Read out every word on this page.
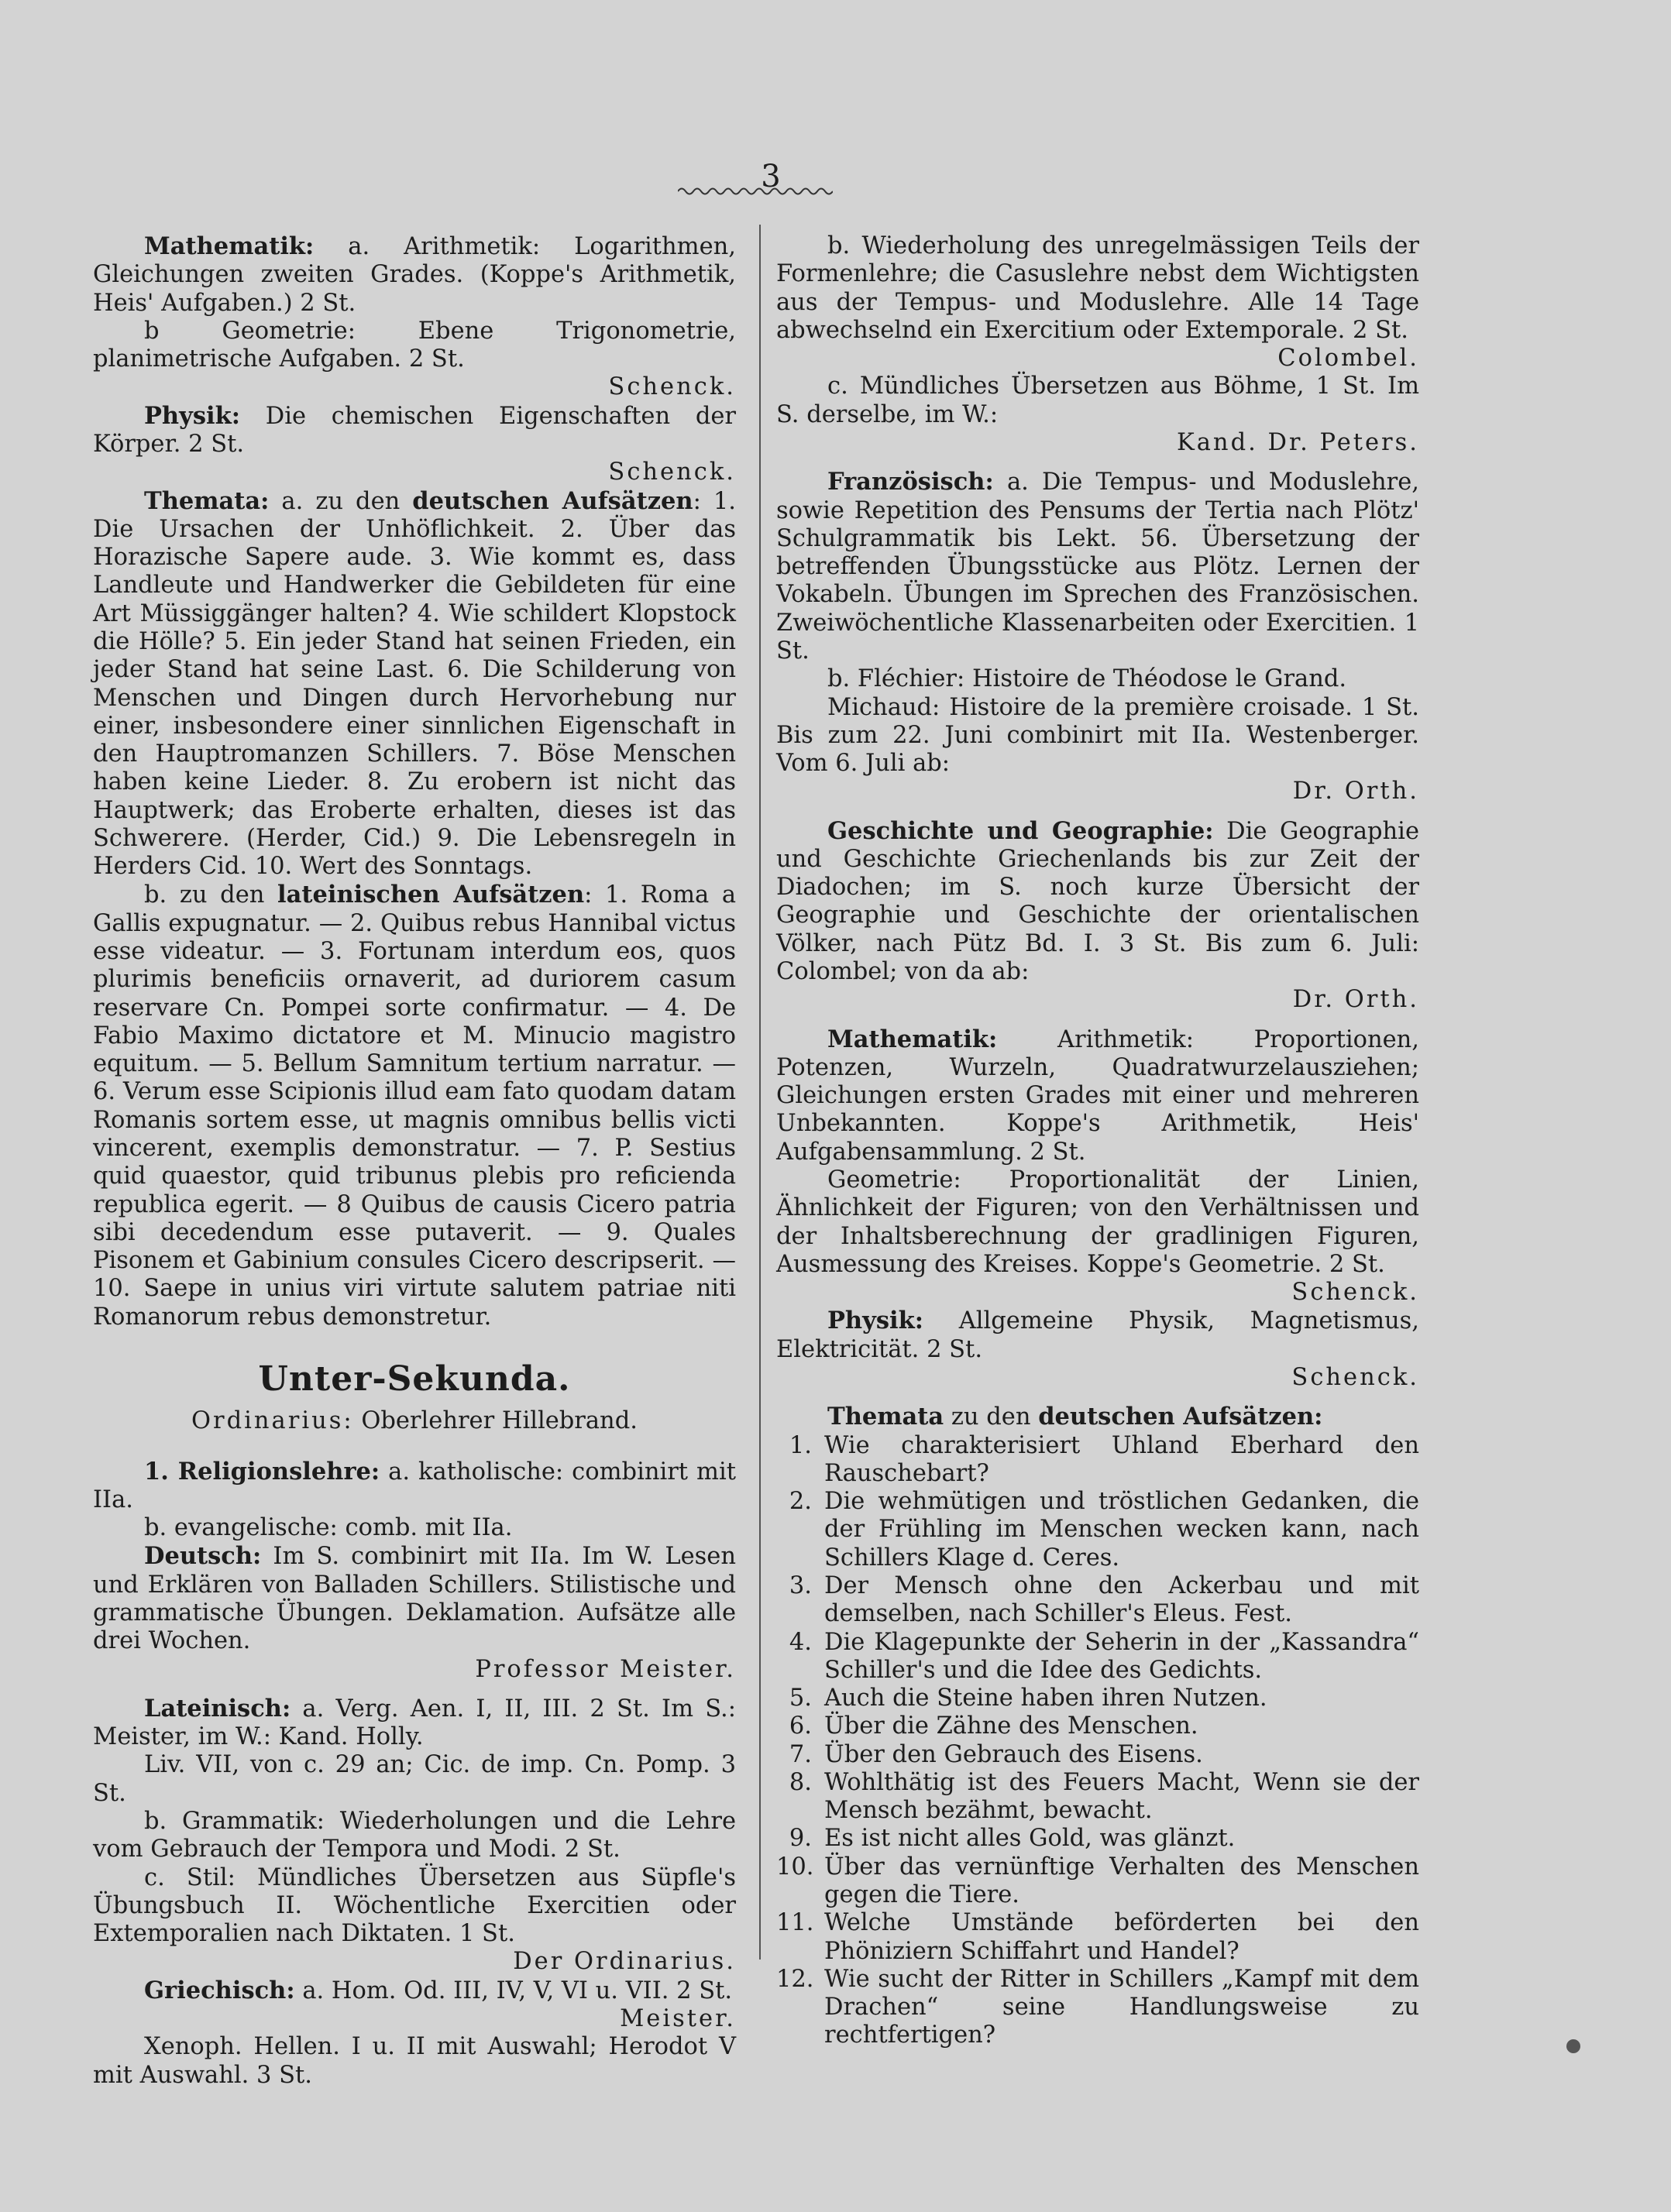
3

Mathematik: a. Arithmetik: Logarithmen, Gleichungen zweiten Grades. (Koppe's Arithmetik, Heis' Aufgaben.) 2 St.

b Geometrie: Ebene Trigonometrie, planimetrische Aufgaben. 2 St.

Schenck.

Physik: Die chemischen Eigenschaften der Körper. 2 St.

Schenck.

Themata: a. zu den deutschen Aufsätzen: 1. Die Ursachen der Unhöflichkeit. 2. Über das Horazische Sapere aude. 3. Wie kommt es, dass Landleute und Handwerker die Gebildeten für eine Art Müssiggänger halten? 4. Wie schildert Klopstock die Hölle? 5. Ein jeder Stand hat seinen Frieden, ein jeder Stand hat seine Last. 6. Die Schilderung von Menschen und Dingen durch Hervorhebung nur einer, insbesondere einer sinnlichen Eigenschaft in den Hauptromanzen Schillers. 7. Böse Menschen haben keine Lieder. 8. Zu erobern ist nicht das Hauptwerk; das Eroberte erhalten, dieses ist das Schwerere. (Herder, Cid.) 9. Die Lebensregeln in Herders Cid. 10. Wert des Sonntags.

b. zu den lateinischen Aufsätzen: 1. Roma a Gallis expugnatur. — 2. Quibus rebus Hannibal victus esse videatur. — 3. Fortunam interdum eos, quos plurimis beneficiis ornaverit, ad duriorem casum reservare Cn. Pompei sorte confirmatur. — 4. De Fabio Maximo dictatore et M. Minucio magistro equitum. — 5. Bellum Samnitum tertium narratur. — 6. Verum esse Scipionis illud eam fato quodam datam Romanis sortem esse, ut magnis omnibus bellis victi vincerent, exemplis demonstratur. — 7. P. Sestius quid quaestor, quid tribunus plebis pro reficienda republica egerit. — 8 Quibus de causis Cicero patria sibi decedendum esse putaverit. — 9. Quales Pisonem et Gabinium consules Cicero descripserit. — 10. Saepe in unius viri virtute salutem patriae niti Romanorum rebus demonstretur.

Unter-Sekunda.

Ordinarius: Oberlehrer Hillebrand.

1. Religionslehre: a. katholische: combinirt mit IIa.

b. evangelische: comb. mit IIa.

Deutsch: Im S. combinirt mit IIa. Im W. Lesen und Erklären von Balladen Schillers. Stilistische und grammatische Übungen. Deklamation. Aufsätze alle drei Wochen.

Professor Meister.

Lateinisch: a. Verg. Aen. I, II, III. 2 St. Im S.: Meister, im W.: Kand. Holly.

Liv. VII, von c. 29 an; Cic. de imp. Cn. Pomp. 3 St.

b. Grammatik: Wiederholungen und die Lehre vom Gebrauch der Tempora und Modi. 2 St.

c. Stil: Mündliches Übersetzen aus Süpfle's Übungsbuch II. Wöchentliche Exercitien oder Extemporalien nach Diktaten. 1 St.

Der Ordinarius.

Griechisch: a. Hom. Od. III, IV, V, VI u. VII. 2 St.

Meister.

Xenoph. Hellen. I u. II mit Auswahl; Herodot V mit Auswahl. 3 St.

b. Wiederholung des unregelmässigen Teils der Formenlehre; die Casuslehre nebst dem Wichtigsten aus der Tempus- und Moduslehre. Alle 14 Tage abwechselnd ein Exercitium oder Extemporale. 2 St.

Colombel.

c. Mündliches Übersetzen aus Böhme, 1 St. Im S. derselbe, im W.:

Kand. Dr. Peters.

Französisch: a. Die Tempus- und Moduslehre, sowie Repetition des Pensums der Tertia nach Plötz' Schulgrammatik bis Lekt. 56. Übersetzung der betreffenden Übungsstücke aus Plötz. Lernen der Vokabeln. Übungen im Sprechen des Französischen. Zweiwöchentliche Klassenarbeiten oder Exercitien. 1 St.

b. Fléchier: Histoire de Théodose le Grand.

Michaud: Histoire de la première croisade. 1 St. Bis zum 22. Juni combinirt mit IIa. Westenberger. Vom 6. Juli ab:

Dr. Orth.

Geschichte und Geographie: Die Geographie und Geschichte Griechenlands bis zur Zeit der Diadochen; im S. noch kurze Übersicht der Geographie und Geschichte der orientalischen Völker, nach Pütz Bd. I. 3 St. Bis zum 6. Juli: Colombel; von da ab:

Dr. Orth.

Mathematik: Arithmetik: Proportionen, Potenzen, Wurzeln, Quadratwurzelausziehen; Gleichungen ersten Grades mit einer und mehreren Unbekannten. Koppe's Arithmetik, Heis' Aufgabensammlung. 2 St.

Geometrie: Proportionalität der Linien, Ähnlichkeit der Figuren; von den Verhältnissen und der Inhaltsberechnung der gradlinigen Figuren, Ausmessung des Kreises. Koppe's Geometrie. 2 St.

Schenck.

Physik: Allgemeine Physik, Magnetismus, Elektricität. 2 St.

Schenck.

Themata zu den deutschen Aufsätzen:

1. Wie charakterisiert Uhland Eberhard den Rauschebart?
2. Die wehmütigen und tröstlichen Gedanken, die der Frühling im Menschen wecken kann, nach Schillers Klage d. Ceres.
3. Der Mensch ohne den Ackerbau und mit demselben, nach Schiller's Eleus. Fest.
4. Die Klagepunkte der Seherin in der „Kassandra“ Schiller's und die Idee des Gedichts.
5. Auch die Steine haben ihren Nutzen.
6. Über die Zähne des Menschen.
7. Über den Gebrauch des Eisens.
8. Wohlthätig ist des Feuers Macht, Wenn sie der Mensch bezähmt, bewacht.
9. Es ist nicht alles Gold, was glänzt.
10. Über das vernünftige Verhalten des Menschen gegen die Tiere.
11. Welche Umstände beförderten bei den Phöniziern Schiffahrt und Handel?
12. Wie sucht der Ritter in Schillers „Kampf mit dem Drachen“ seine Handlungsweise zu rechtfertigen?
